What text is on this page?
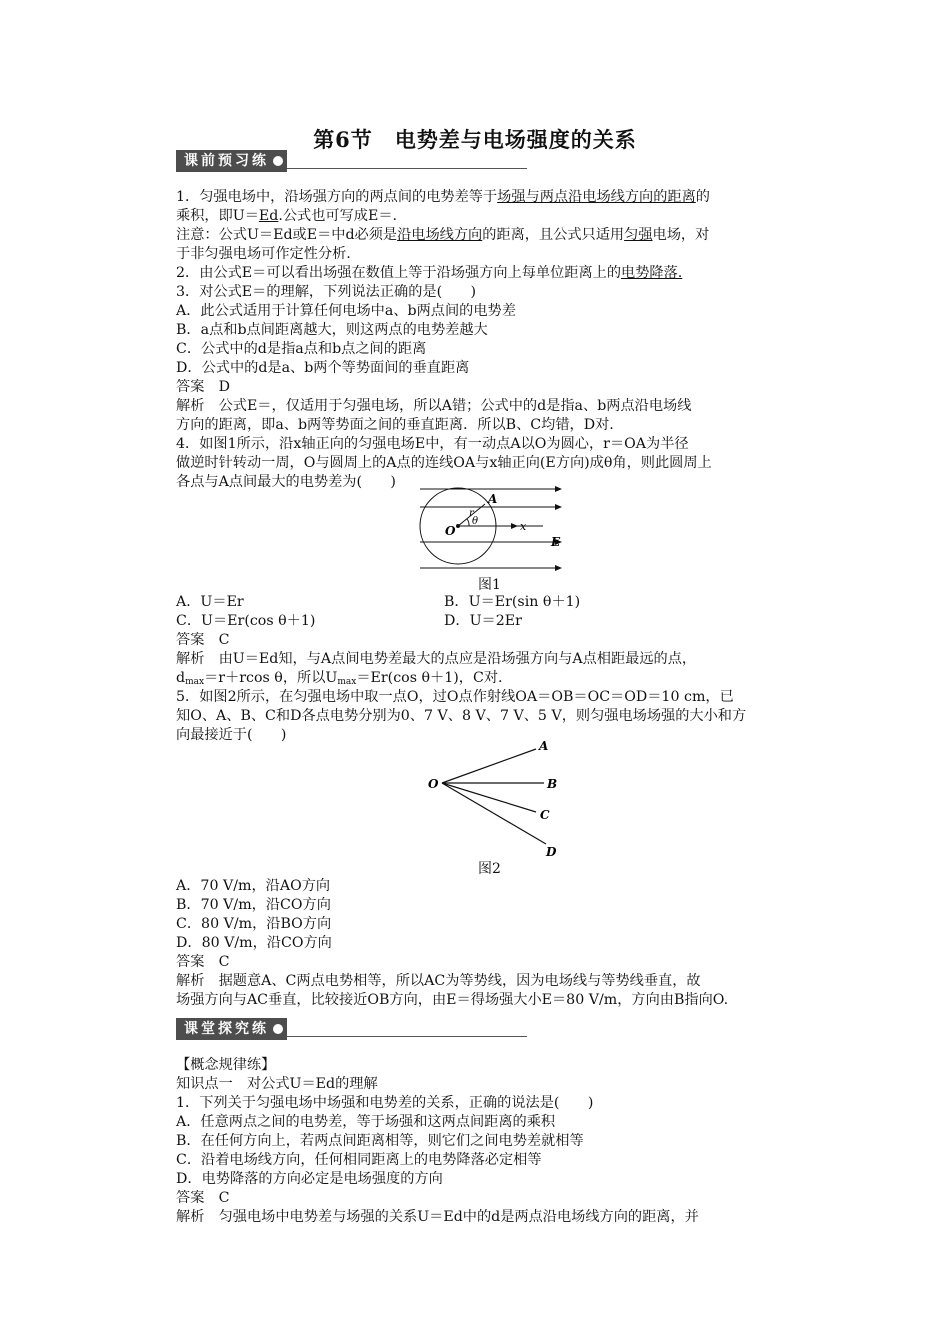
第6节 电势差与电场强度的关系
课前预习练
1．匀强电场中，沿场强方向的两点间的电势差等于场强与两点沿电场线方向的距离的
乘积，即U＝Ed.公式也可写成E＝.
注意：公式U＝Ed或E＝中d必须是沿电场线方向的距离，且公式只适用匀强电场，对
于非匀强电场可作定性分析.
2．由公式E＝可以看出场强在数值上等于沿场强方向上每单位距离上的电势降落.
3．对公式E＝的理解，下列说法正确的是(　　)
A．此公式适用于计算任何电场中a、b两点间的电势差
B．a点和b点间距离越大，则这两点的电势差越大
C．公式中的d是指a点和b点之间的距离
D．公式中的d是a、b两个等势面间的垂直距离
答案　D
解析　公式E＝，仅适用于匀强电场，所以A错；公式中的d是指a、b两点沿电场线
方向的距离，即a、b两等势面之间的垂直距离．所以B、C均错，D对.
4．如图1所示，沿x轴正向的匀强电场E中，有一动点A以O为圆心，r＝OA为半径
做逆时针转动一周，O与圆周上的A点的连线OA与x轴正向(E方向)成θ角，则此圆周上
各点与A点间最大的电势差为(　　)
A
r
θ	x
O
E
图1
A．U＝Er	B．U＝Er(sin θ＋1)
C．U＝Er(cos θ＋1)	D．U＝2Er
答案　C
解析　由U＝Ed知，与A点间电势差最大的点应是沿场强方向与A点相距最远的点，
$d_{max}=r+rcos$ θ，所以$U_{max}=Er(\cos$ θ＋1)，C对.
5．如图2所示，在匀强电场中取一点O，过O点作射线OA＝OB＝OC＝OD＝10 cm，已
知O、A、B、C和D各点电势分别为0、7 V、8 V、7 V、5 V，则匀强电场场强的大小和方
向最接近于(　　)
O
A
B
C
D
图2
A．70 V/m，沿AO方向
B．70 V/m，沿CO方向
C．80 V/m，沿BO方向
D．80 V/m，沿CO方向
答案　C
解析　据题意A、C两点电势相等，所以AC为等势线，因为电场线与等势线垂直，故
场强方向与AC垂直，比较接近OB方向，由E＝得场强大小E＝80 V/m，方向由B指向O.
课堂探究练
【概念规律练】
知识点一　对公式U＝Ed的理解
1．下列关于匀强电场中场强和电势差的关系，正确的说法是(　　)
A．任意两点之间的电势差，等于场强和这两点间距离的乘积
B．在任何方向上，若两点间距离相等，则它们之间电势差就相等
C．沿着电场线方向，任何相同距离上的电势降落必定相等
D．电势降落的方向必定是电场强度的方向
答案　C
解析　匀强电场中电势差与场强的关系U＝Ed中的d是两点沿电场线方向的距离，并
